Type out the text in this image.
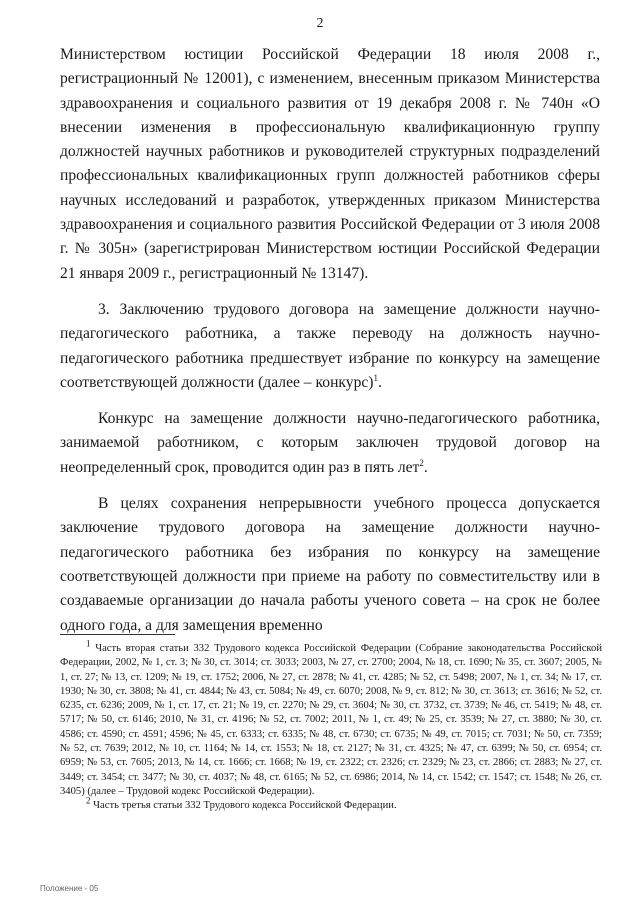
2

Министерством юстиции Российской Федерации 18 июля 2008 г., регистрационный № 12001), с изменением, внесенным приказом Министерства здравоохранения и социального развития от 19 декабря 2008 г. № 740н «О внесении изменения в профессиональную квалификационную группу должностей научных работников и руководителей структурных подразделений профессиональных квалификационных групп должностей работников сферы научных исследований и разработок, утвержденных приказом Министерства здравоохранения и социального развития Российской Федерации от 3 июля 2008 г. № 305н» (зарегистрирован Министерством юстиции Российской Федерации 21 января 2009 г., регистрационный № 13147).

3. Заключению трудового договора на замещение должности научно-педагогического работника, а также переводу на должность научно-педагогического работника предшествует избрание по конкурсу на замещение соответствующей должности (далее – конкурс)$^1$.

Конкурс на замещение должности научно-педагогического работника, занимаемой работником, с которым заключен трудовой договор на неопределенный срок, проводится один раз в пять лет$^2$.

В целях сохранения непрерывности учебного процесса допускается заключение трудового договора на замещение должности научно-педагогического работника без избрания по конкурсу на замещение соответствующей должности при приеме на работу по совместительству или в создаваемые организации до начала работы ученого совета – на срок не более одного года, а для замещения временно

$^1$ Часть вторая статьи 332 Трудового кодекса Российской Федерации (Собрание законодательства Российской Федерации, 2002, № 1, ст. 3; № 30, ст. 3014; ст. 3033; 2003, № 27, ст. 2700; 2004, № 18, ст. 1690; № 35, ст. 3607; 2005, № 1, ст. 27; № 13, ст. 1209; № 19, ст. 1752; 2006, № 27, ст. 2878; № 41, ст. 4285; № 52, ст. 5498; 2007, № 1, ст. 34; № 17, ст. 1930; № 30, ст. 3808; № 41, ст. 4844; № 43, ст. 5084; № 49, ст. 6070; 2008, № 9, ст. 812; № 30, ст. 3613; ст. 3616; № 52, ст. 6235, ст. 6236; 2009, № 1, ст. 17, ст. 21; № 19, ст. 2270; № 29, ст. 3604; № 30, ст. 3732, ст. 3739; № 46, ст. 5419; № 48, ст. 5717; № 50, ст. 6146; 2010, № 31, ст. 4196; № 52, ст. 7002; 2011, № 1, ст. 49; № 25, ст. 3539; № 27, ст. 3880; № 30, ст. 4586; ст. 4590; ст. 4591; 4596; № 45, ст. 6333; ст. 6335; № 48, ст. 6730; ст. 6735; № 49, ст. 7015; ст. 7031; № 50, ст. 7359; № 52, ст. 7639; 2012, № 10, ст. 1164; № 14, ст. 1553; № 18, ст. 2127; № 31, ст. 4325; № 47, ст. 6399; № 50, ст. 6954; ст. 6959; № 53, ст. 7605; 2013, № 14, ст. 1666; ст. 1668; № 19, ст. 2322; ст. 2326; ст. 2329; № 23, ст. 2866; ст. 2883; № 27, ст. 3449; ст. 3454; ст. 3477; № 30, ст. 4037; № 48, ст. 6165; № 52, ст. 6986; 2014, № 14, ст. 1542; ст. 1547; ст. 1548; № 26, ст. 3405) (далее – Трудовой кодекс Российской Федерации).

$^2$ Часть третья статьи 332 Трудового кодекса Российской Федерации.

Положение - 05
